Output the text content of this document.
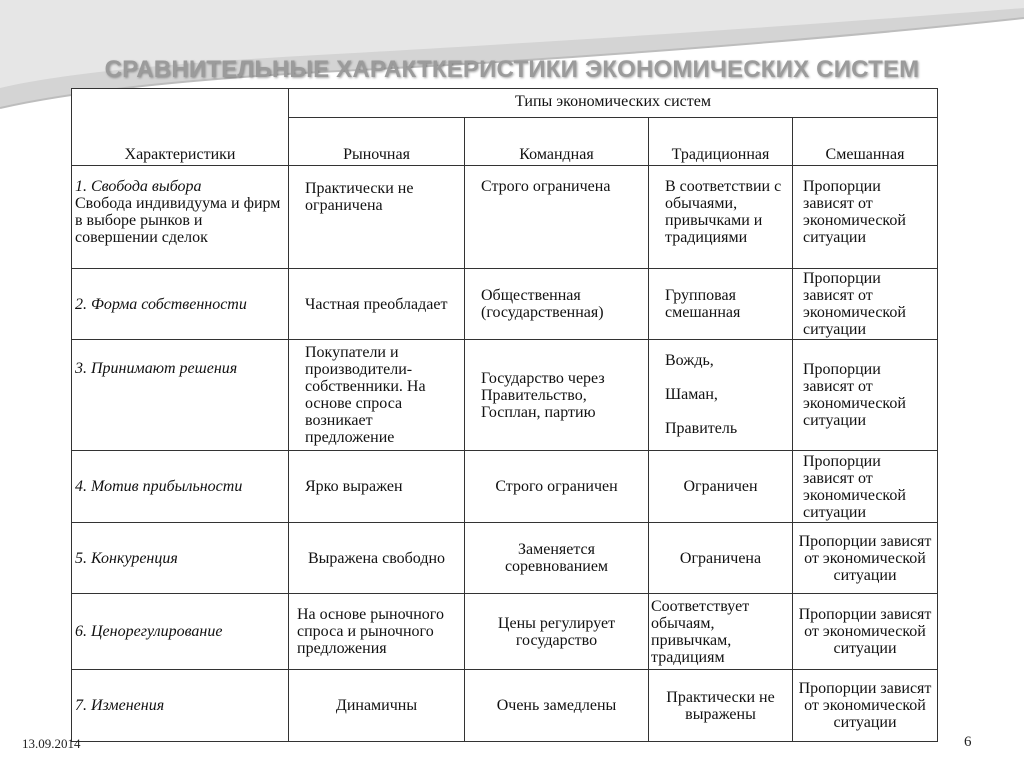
СРАВНИТЕЛЬНЫЕ ХАРАКТКЕРИСТИКИ ЭКОНОМИЧЕСКИХ СИСТЕМ
Характеристики	Типы экономических систем			
	Рыночная	Командная	Традиционная	Смешанная
1. Свобода выбора
Свобода индивидуума и фирм в выборе рынков и совершении сделок	Практически не ограничена	Строго ограничена	В соответствии с обычаями, привычками и традициями	Пропорции зависят от экономической ситуации
2. Форма собственности	Частная преобладает	Общественная (государственная)	Групповая смешанная	Пропорции зависят от экономической ситуации
3. Принимают решения	Покупатели и производители-собственники. На основе спроса возникает предложение	Государство через Правительство, Госплан, партию	Вождь,
Шаман,
Правитель	Пропорции зависят от экономической ситуации
4. Мотив прибыльности	Ярко выражен	Строго ограничен	Ограничен	Пропорции зависят от экономической ситуации
5. Конкуренция	Выражена свободно	Заменяется соревнованием	Ограничена	Пропорции зависят от экономической ситуации
6. Ценорегулирование	На основе рыночного спроса и рыночного предложения	Цены регулирует государство	Соответствует обычаям, привычкам, традициям	Пропорции зависят от экономической ситуации
7. Изменения	Динамичны	Очень замедлены	Практически не выражены	Пропорции зависят от экономической ситуации
13.09.2014	6
